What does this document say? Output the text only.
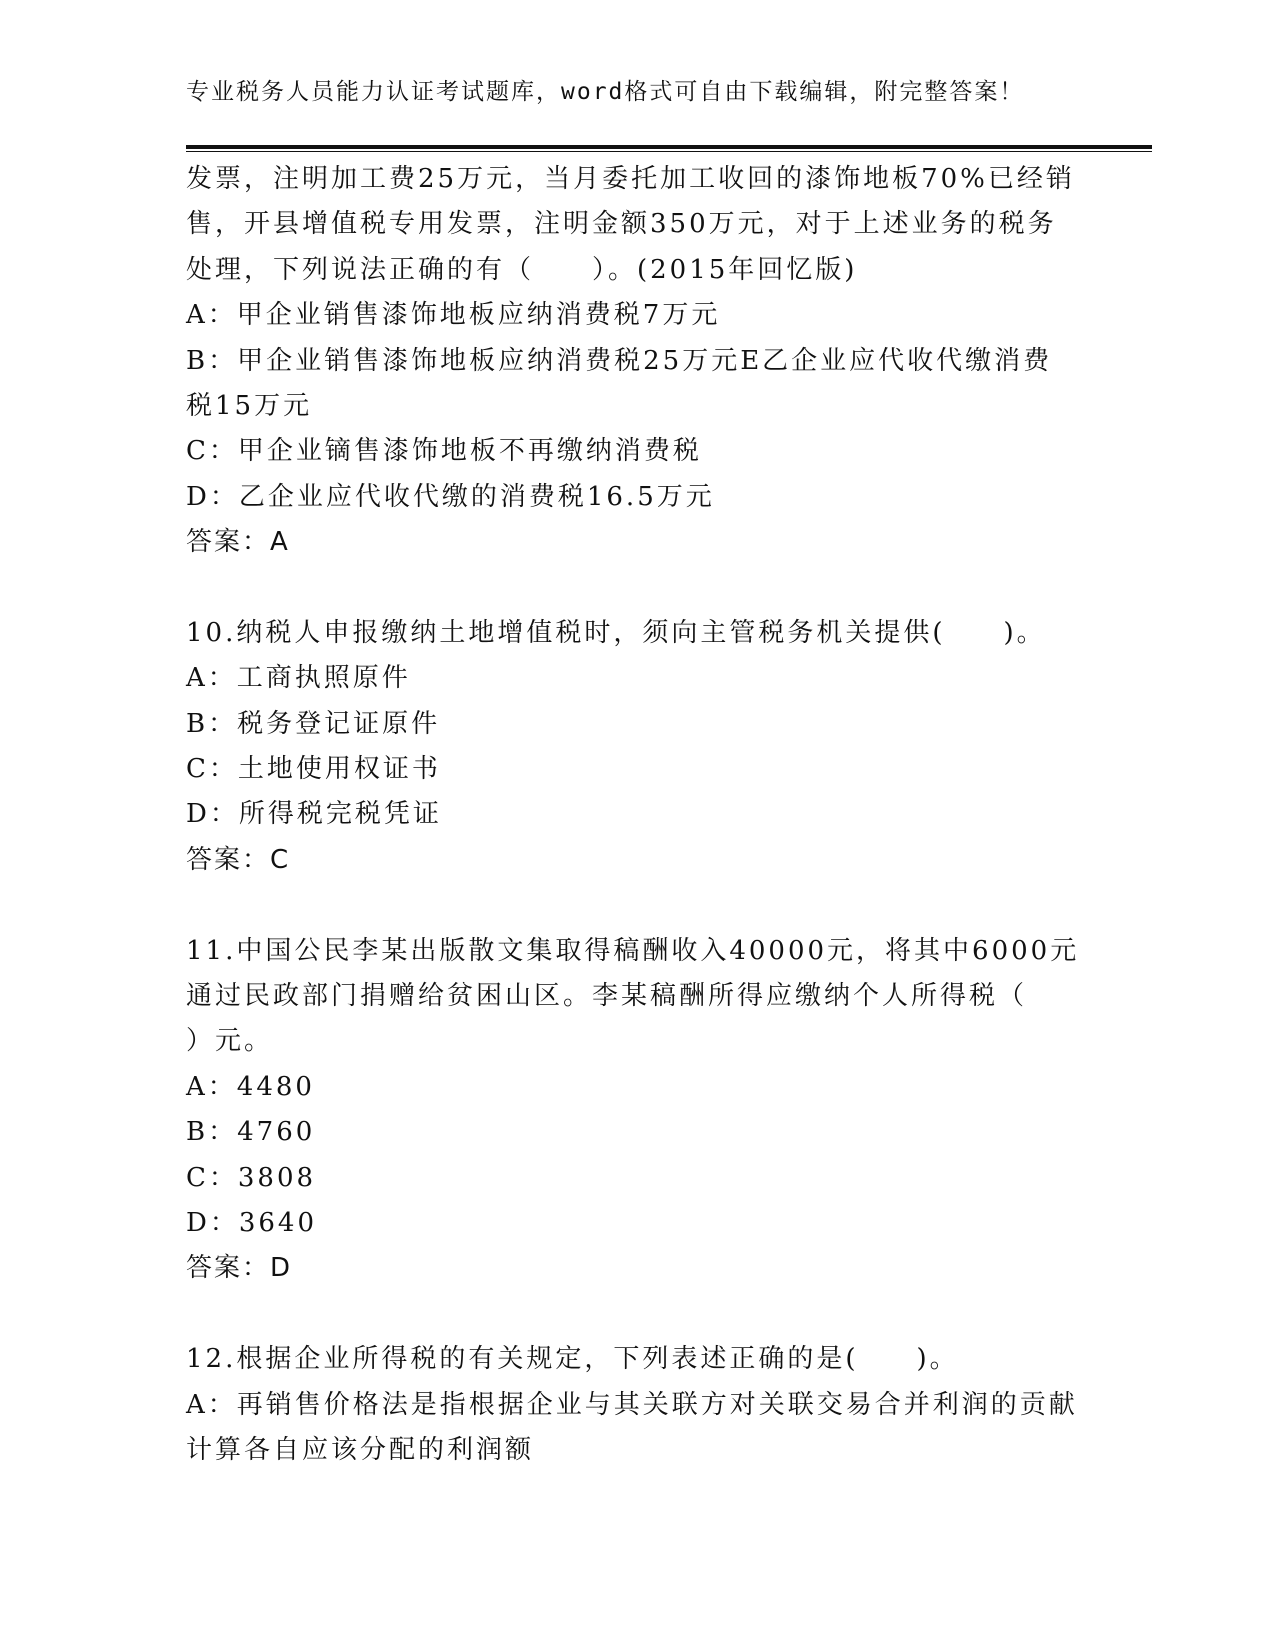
专业税务人员能力认证考试题库，word格式可自由下载编辑，附完整答案！
发票，注明加工费25万元，当月委托加工收回的漆饰地板70%已经销
售，开县增值税专用发票，注明金额350万元，对于上述业务的税务
处理，下列说法正确的有（　　）。(2015年回忆版)
A：甲企业销售漆饰地板应纳消费税7万元
B：甲企业销售漆饰地板应纳消费税25万元E乙企业应代收代缴消费
税15万元
C：甲企业镝售漆饰地板不再缴纳消费税
D：乙企业应代收代缴的消费税16.5万元
答案：A
10.纳税人申报缴纳土地增值税时，须向主管税务机关提供(　　)。
A：工商执照原件
B：税务登记证原件
C：土地使用权证书
D：所得税完税凭证
答案：C
11.中国公民李某出版散文集取得稿酬收入40000元，将其中6000元
通过民政部门捐赠给贫困山区。李某稿酬所得应缴纳个人所得税（
）元。
A：4480
B：4760
C：3808
D：3640
答案：D
12.根据企业所得税的有关规定，下列表述正确的是(　　)。
A：再销售价格法是指根据企业与其关联方对关联交易合并利润的贡献
计算各自应该分配的利润额
